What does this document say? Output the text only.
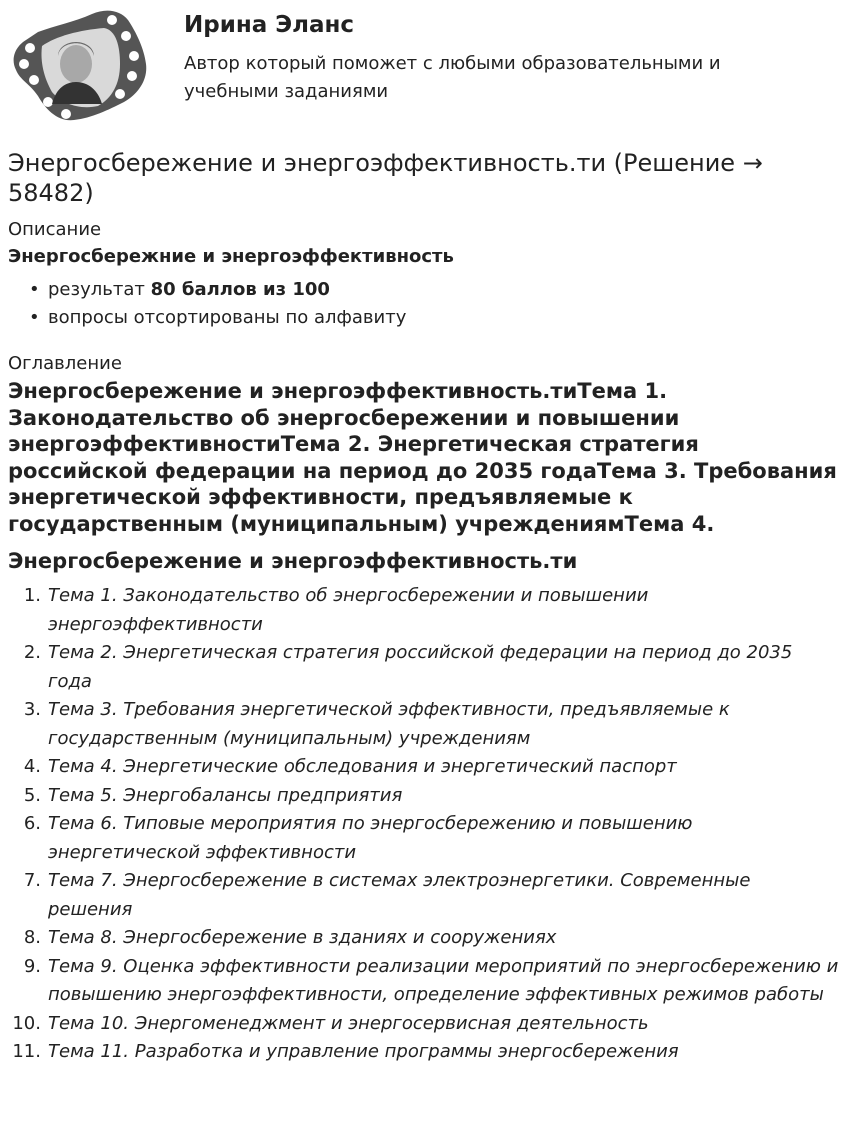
Ирина Эланс
Автор который поможет с любыми образовательными и учебными заданиями
Энергосбережение и энергоэффективность.ти (Решение → 58482)
Описание
Энергосбережние и энергоэффективность
• результат 80 баллов из 100
• вопросы отсортированы по алфавиту
Оглавление
Энергосбережение и энергоэффективность.тиТема 1. Законодательство об энергосбережении и повышении энергоэффективностиТема 2. Энергетическая стратегия российской федерации на период до 2035 годаТема 3. Требования энергетической эффективности, предъявляемые к государственным (муниципальным) учреждениямТема 4.
Энергосбережение и энергоэффективность.ти
1. Тема 1. Законодательство об энергосбережении и повышении энергоэффективности
2. Тема 2. Энергетическая стратегия российской федерации на период до 2035 года
3. Тема 3. Требования энергетической эффективности, предъявляемые к государственным (муниципальным) учреждениям
4. Тема 4. Энергетические обследования и энергетический паспорт
5. Тема 5. Энергобалансы предприятия
6. Тема 6. Типовые мероприятия по энергосбережению и повышению энергетической эффективности
7. Тема 7. Энергосбережение в системах электроэнергетики. Современные решения
8. Тема 8. Энергосбережение в зданиях и сооружениях
9. Тема 9. Оценка эффективности реализации мероприятий по энергосбережению и повышению энергоэффективности, определение эффективных режимов работы
10. Тема 10. Энергоменеджмент и энергосервисная деятельность
11. Тема 11. Разработка и управление программы энергосбережения
